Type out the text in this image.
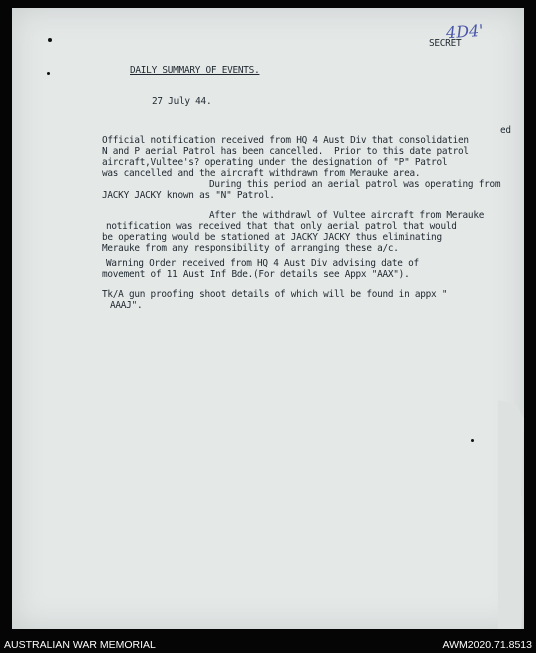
4D4'
SECRET
DAILY SUMMARY OF EVENTS.
27 July 44.
ed
Official notification received from HQ 4 Aust Div that consolidatien
N and P aerial Patrol has been cancelled.  Prior to this date patrol
aircraft,Vultee's? operating under the designation of "P" Patrol
was cancelled and the aircraft withdrawn from Merauke area.
During this period an aerial patrol was operating from
JACKY JACKY known as "N" Patrol.
After the withdrawl of Vultee aircraft from Merauke
notification was received that that only aerial patrol that would
be operating would be stationed at JACKY JACKY thus eliminating
Merauke from any responsibility of arranging these a/c.
Warning Order received from HQ 4 Aust Div advising date of
movement of 11 Aust Inf Bde.(For details see Appx "AAX").
Tk/A gun proofing shoot details of which will be found in appx "
AAAJ".
AUSTRALIAN WAR MEMORIAL	AWM2020.71.8513
